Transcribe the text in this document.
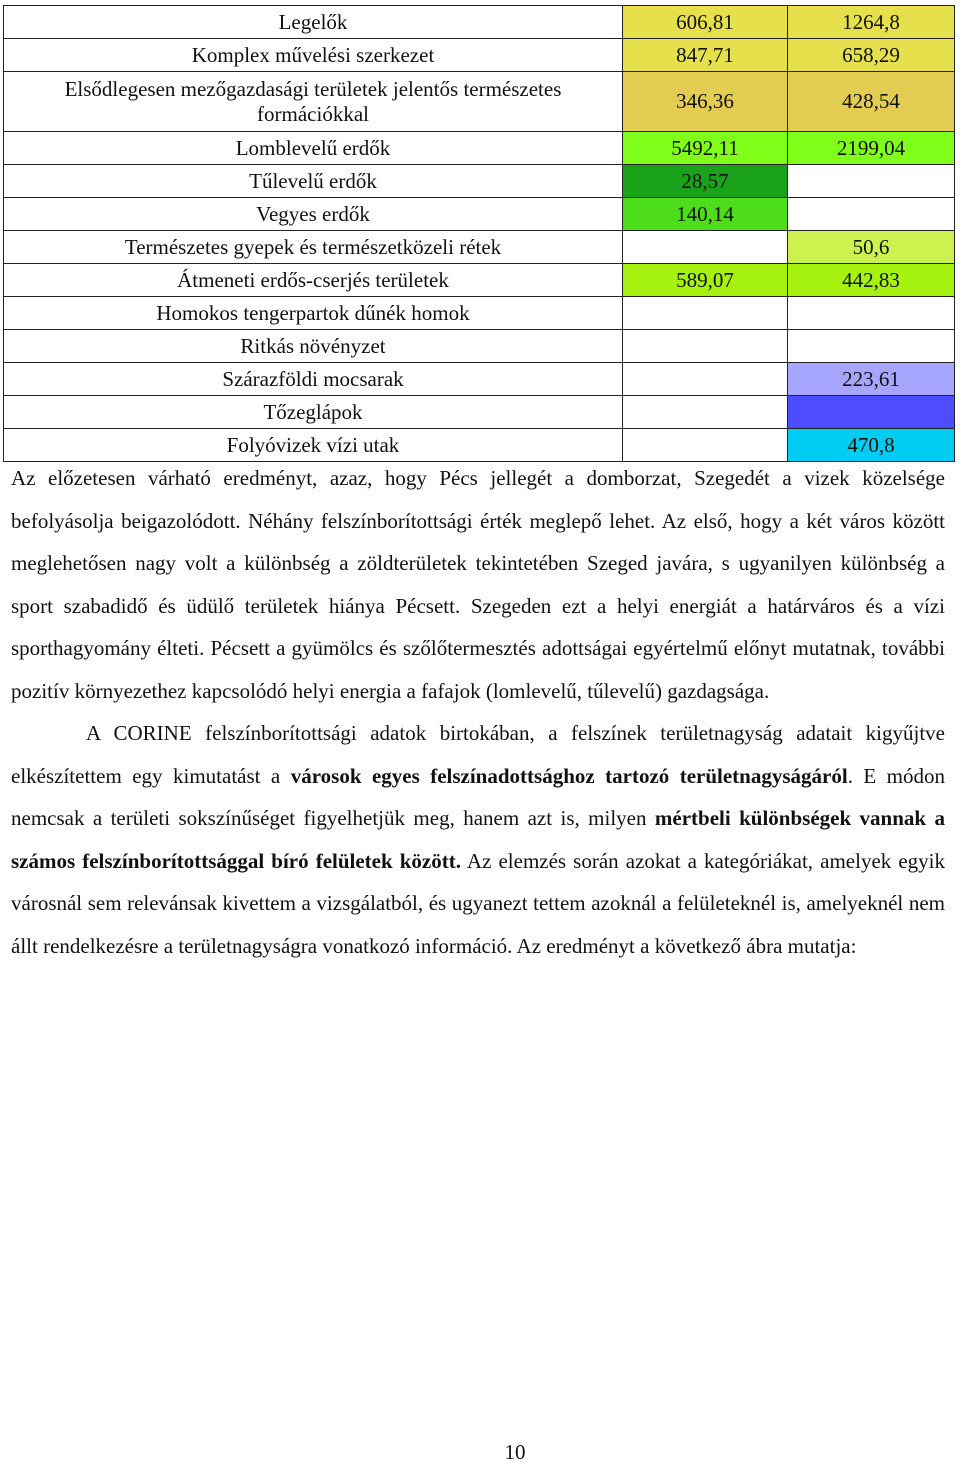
Legelők	606,81	1264,8
Komplex művelési szerkezet	847,71	658,29
Elsődlegesen mezőgazdasági területek jelentős természetes
formációkkal	346,36	428,54
Lomblevelű erdők	5492,11	2199,04
Tűlevelű erdők	28,57	
Vegyes erdők	140,14	
Természetes gyepek és természetközeli rétek		50,6
Átmeneti erdős-cserjés területek	589,07	442,83
Homokos tengerpartok dűnék homok		
Ritkás növényzet		
Szárazföldi mocsarak		223,61
Tőzeglápok		
Folyóvizek vízi utak		470,8

Az előzetesen várható eredményt, azaz, hogy Pécs jellegét a domborzat, Szegedét a vizek közelsége befolyásolja beigazolódott. Néhány felszínborítottsági érték meglepő lehet. Az első, hogy a két város között meglehetősen nagy volt a különbség a zöldterületek tekintetében Szeged javára, s ugyanilyen különbség a sport szabadidő és üdülő területek hiánya Pécsett. Szegeden ezt a helyi energiát a határváros és a vízi sporthagyomány élteti. Pécsett a gyümölcs és szőlőtermesztés adottságai egyértelmű előnyt mutatnak, további pozitív környezethez kapcsolódó helyi energia a fafajok (lomlevelű, tűlevelű) gazdagsága.

A CORINE felszínborítottsági adatok birtokában, a felszínek területnagyság adatait kigyűjtve elkészítettem egy kimutatást a városok egyes felszínadottsághoz tartozó területnagyságáról. E módon nemcsak a területi sokszínűséget figyelhetjük meg, hanem azt is, milyen mértbeli különbségek vannak a számos felszínborítottsággal bíró felületek között. Az elemzés során azokat a kategóriákat, amelyek egyik városnál sem relevánsak kivettem a vizsgálatból, és ugyanezt tettem azoknál a felületeknél is, amelyeknél nem állt rendelkezésre a területnagyságra vonatkozó információ. Az eredményt a következő ábra mutatja:

10
